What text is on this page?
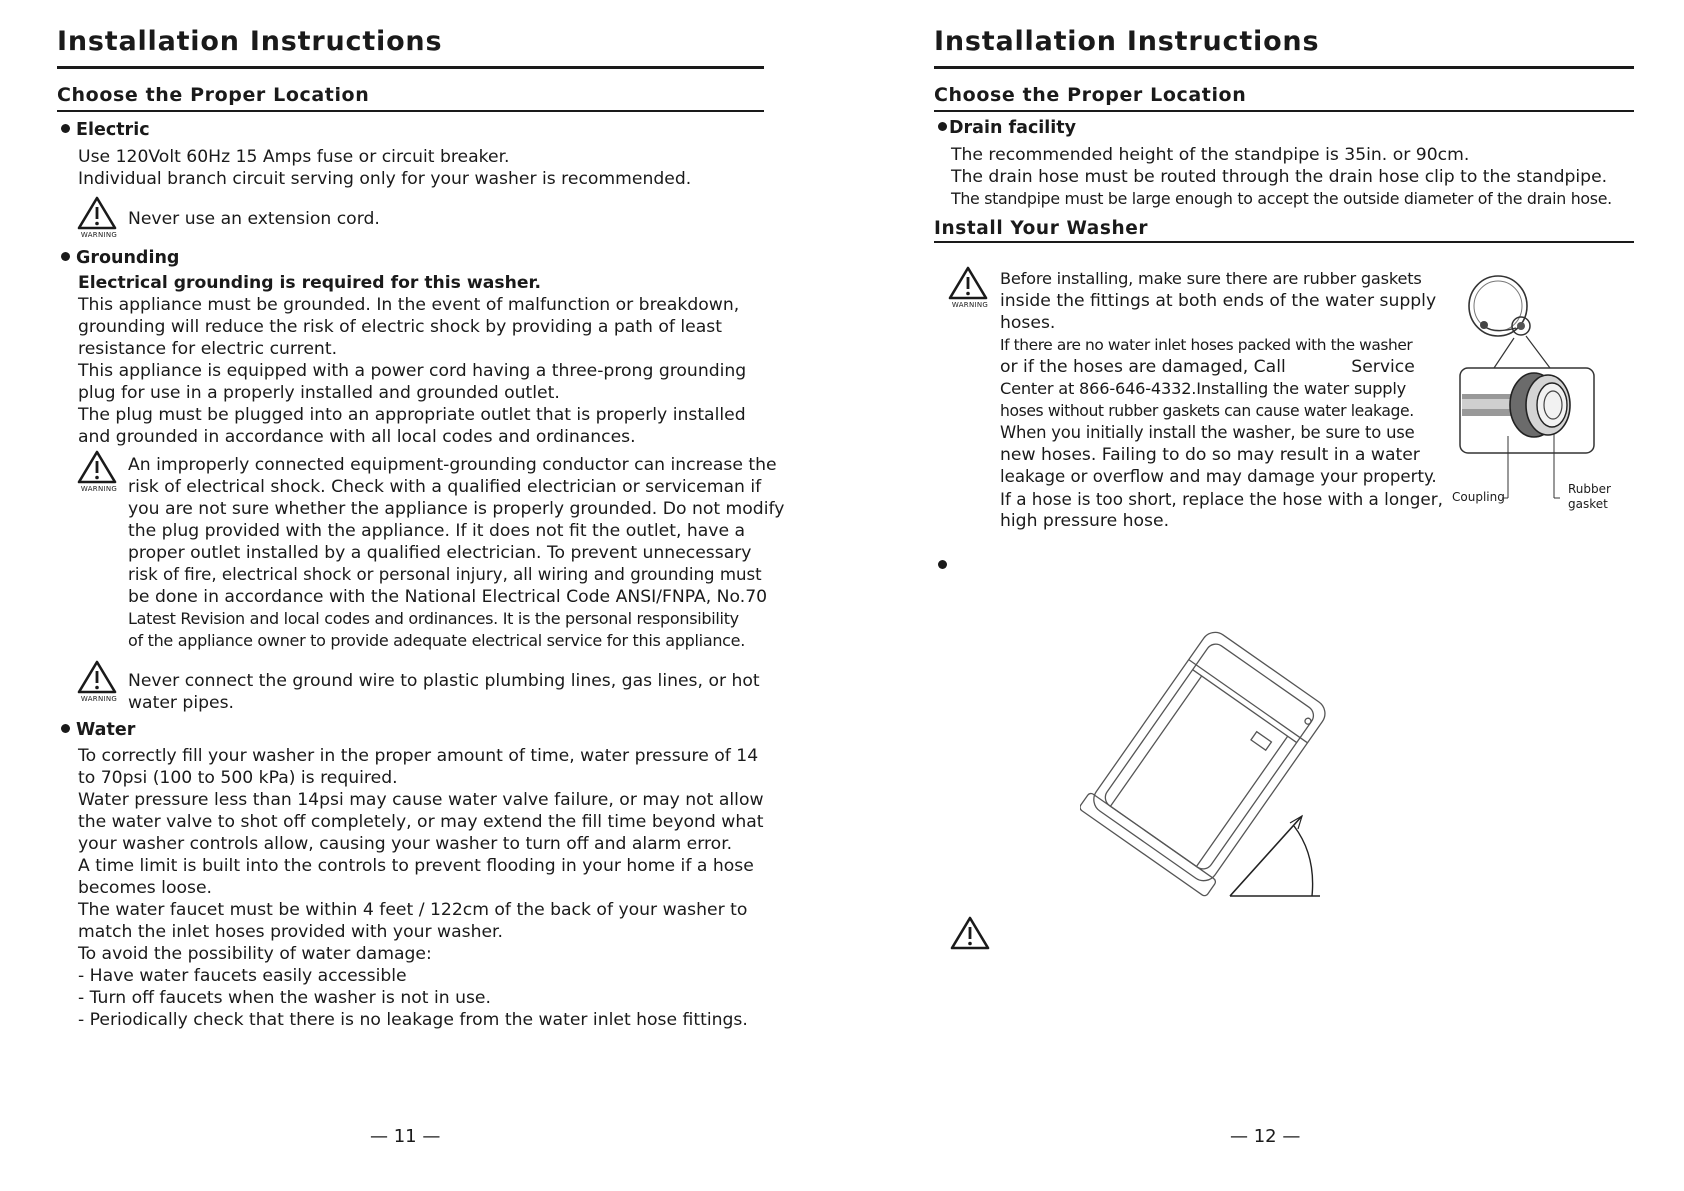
Installation Instructions
Choose the Proper Location
Electric
Use 120Volt 60Hz 15 Amps fuse or circuit breaker.
Individual branch circuit serving only for your washer is recommended.
WARNING
Never use an extension cord.
Grounding
Electrical grounding is required for this washer.
This appliance must be grounded. In the event of malfunction or breakdown,
grounding will reduce the risk of electric shock by providing a path of least
resistance for electric current.
This appliance is equipped with a power cord having a three-prong grounding
plug for use in a properly installed and grounded outlet.
The plug must be plugged into an appropriate outlet that is properly installed
and grounded in accordance with all local codes and ordinances.
WARNING
An improperly connected equipment-grounding conductor can increase the
risk of electrical shock. Check with a qualified electrician or serviceman if
you are not sure whether the appliance is properly grounded. Do not modify
the plug provided with the appliance. If it does not fit the outlet, have a
proper outlet installed by a qualified electrician. To prevent unnecessary
risk of fire, electrical shock or personal injury, all wiring and grounding must
be done in accordance with the National Electrical Code ANSI/FNPA, No.70
Latest Revision and local codes and ordinances. It is the personal responsibility
of the appliance owner to provide adequate electrical service for this appliance.
WARNING
Never connect the ground wire to plastic plumbing lines, gas lines, or hot
water pipes.
Water
To correctly fill your washer in the proper amount of time, water pressure of 14
to 70psi (100 to 500 kPa) is required.
Water pressure less than 14psi may cause water valve failure, or may not allow
the water valve to shot off completely, or may extend the fill time beyond what
your washer controls allow, causing your washer to turn off and alarm error.
A time limit is built into the controls to prevent flooding in your home if a hose
becomes loose.
The water faucet must be within 4 feet / 122cm of the back of your washer to
match the inlet hoses provided with your washer.
To avoid the possibility of water damage:
- Have water faucets easily accessible
- Turn off faucets when the washer is not in use.
- Periodically check that there is no leakage from the water inlet hose fittings.
— 11 —
Installation Instructions
Choose the Proper Location
Drain facility
The recommended height of the standpipe is 35in. or 90cm.
The drain hose must be routed through the drain hose clip to the standpipe.
The standpipe must be large enough to accept the outside diameter of the drain hose.
Install Your Washer
WARNING
Before installing, make sure there are rubber gaskets
inside the fittings at both ends of the water supply
hoses.
If there are no water inlet hoses packed with the washer
or if the hoses are damaged, Call            Service
Center at 866-646-4332.Installing the water supply
hoses without rubber gaskets can cause water leakage.
When you initially install the washer, be sure to use
new hoses. Failing to do so may result in a water
leakage or overflow and may damage your property.
If a hose is too short, replace the hose with a longer,
high pressure hose.
Coupling
Rubber
gasket
— 12 —
